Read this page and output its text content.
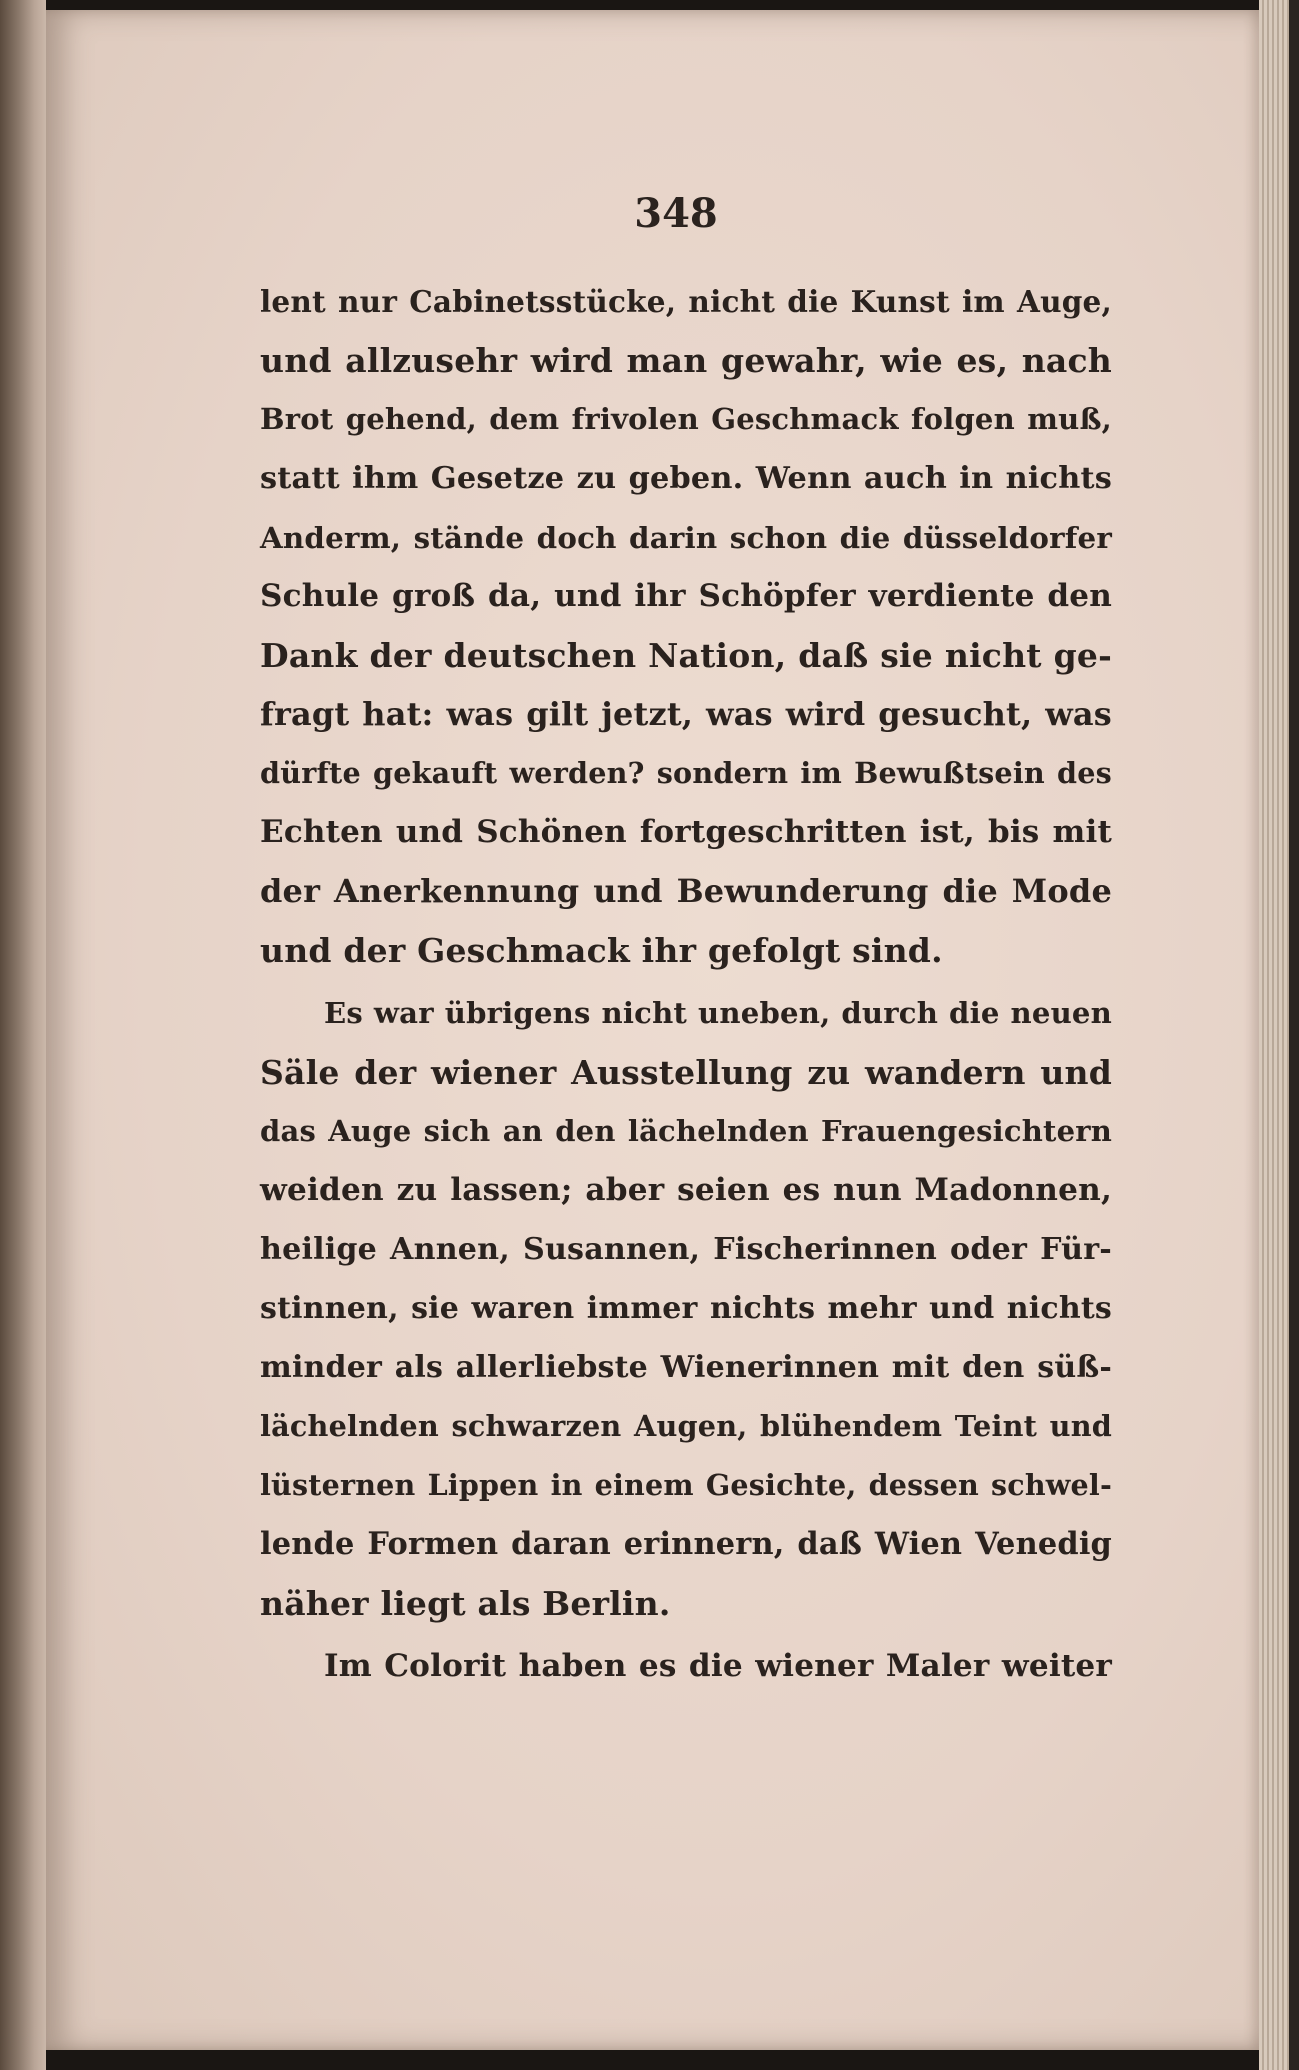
348
lent nur Cabinetsstücke, nicht die Kunst im Auge,
und allzusehr wird man gewahr, wie es, nach
Brot gehend, dem frivolen Geschmack folgen muß,
statt ihm Gesetze zu geben. Wenn auch in nichts
Anderm, stände doch darin schon die düsseldorfer
Schule groß da, und ihr Schöpfer verdiente den
Dank der deutschen Nation, daß sie nicht ge-
fragt hat: was gilt jetzt, was wird gesucht, was
dürfte gekauft werden? sondern im Bewußtsein des
Echten und Schönen fortgeschritten ist, bis mit
der Anerkennung und Bewunderung die Mode
und der Geschmack ihr gefolgt sind.
Es war übrigens nicht uneben, durch die neuen
Säle der wiener Ausstellung zu wandern und
das Auge sich an den lächelnden Frauengesichtern
weiden zu lassen; aber seien es nun Madonnen,
heilige Annen, Susannen, Fischerinnen oder Für-
stinnen, sie waren immer nichts mehr und nichts
minder als allerliebste Wienerinnen mit den süß-
lächelnden schwarzen Augen, blühendem Teint und
lüsternen Lippen in einem Gesichte, dessen schwel-
lende Formen daran erinnern, daß Wien Venedig
näher liegt als Berlin.
Im Colorit haben es die wiener Maler weiter
